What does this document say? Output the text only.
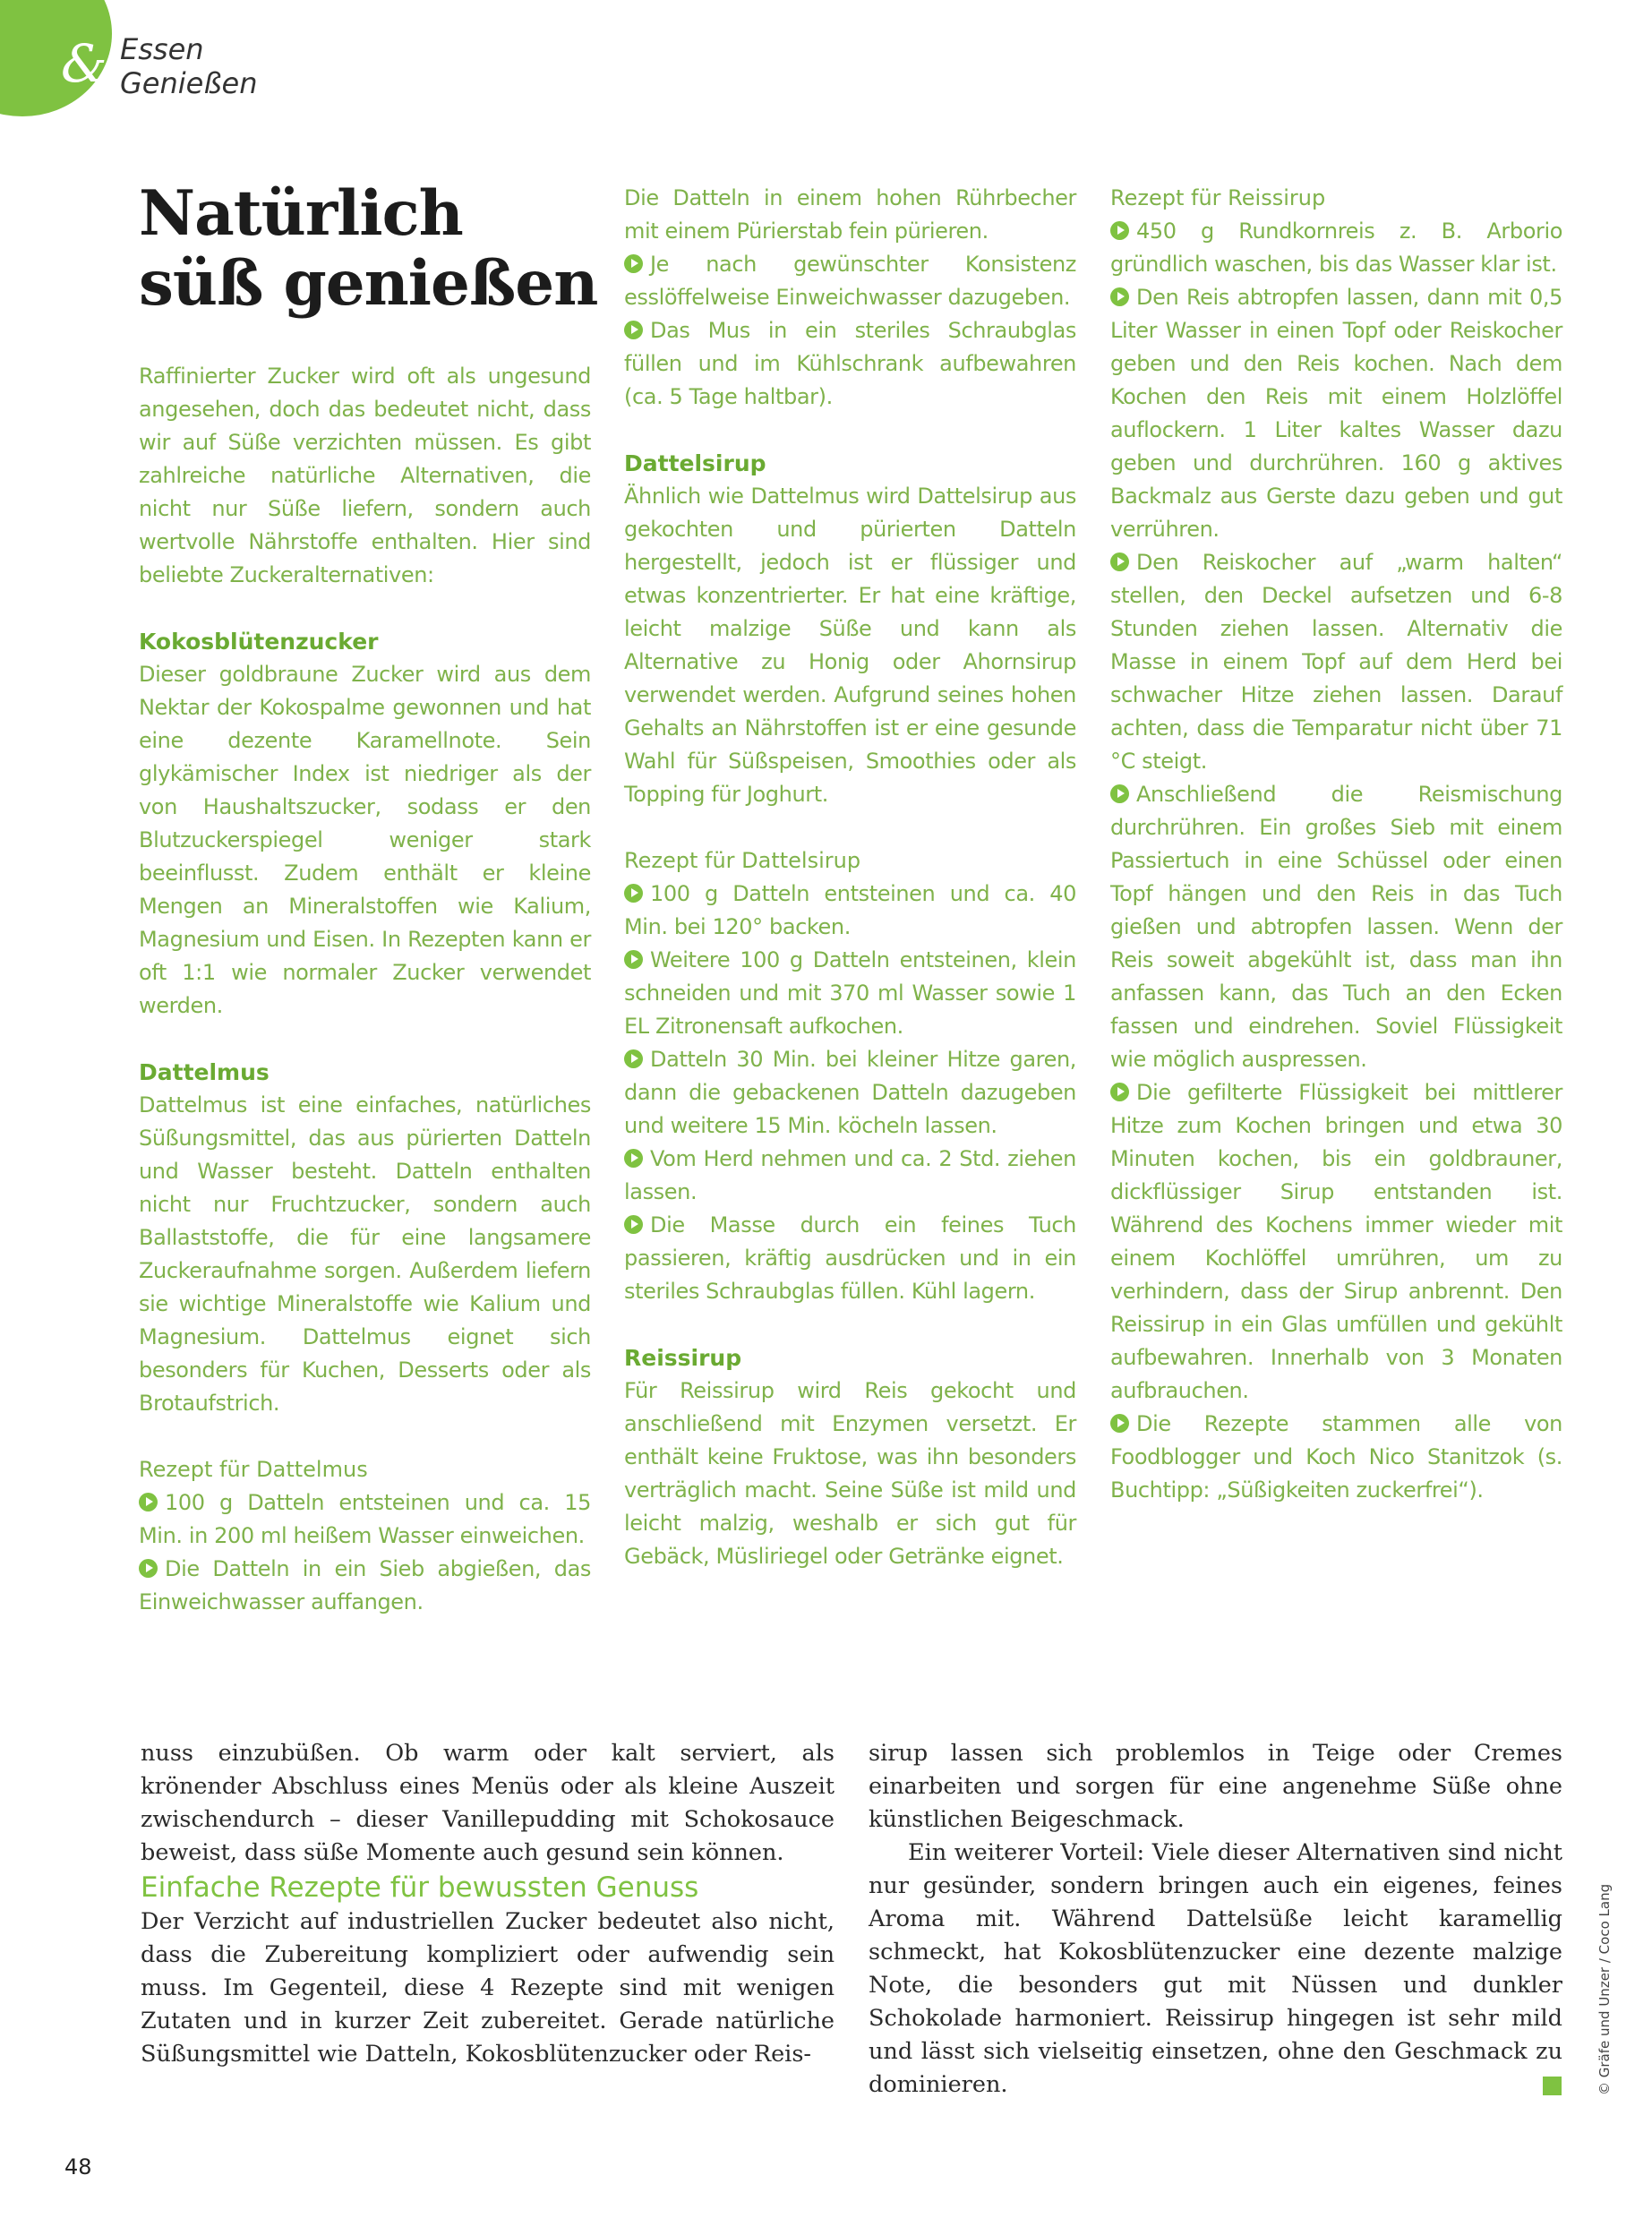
& Essen
Genießen
Natürlich süß genießen

Raffinierter Zucker wird oft als ungesund angesehen, doch das bedeutet nicht, dass wir auf Süße verzichten müssen. Es gibt zahlreiche natürliche Alternativen, die nicht nur Süße liefern, sondern auch wertvolle Nährstoffe enthalten. Hier sind beliebte Zuckeralternativen:

Kokosblütenzucker

Dieser goldbraune Zucker wird aus dem Nektar der Kokospalme gewonnen und hat eine dezente Karamellnote. Sein glykämischer Index ist niedriger als der von Haushaltszucker, sodass er den Blutzuckerspiegel weniger stark beeinflusst. Zudem enthält er kleine Mengen an Mineralstoffen wie Kalium, Magnesium und Eisen. In Rezepten kann er oft 1:1 wie normaler Zucker verwendet werden.

Dattelmus

Dattelmus ist eine einfaches, natürliches Süßungsmittel, das aus pürierten Datteln und Wasser besteht. Datteln enthalten nicht nur Fruchtzucker, sondern auch Ballaststoffe, die für eine langsamere Zuckeraufnahme sorgen. Außerdem liefern sie wichtige Mineralstoffe wie Kalium und Magnesium. Dattelmus eignet sich besonders für Kuchen, Desserts oder als Brotaufstrich.

Rezept für Dattelmus

100 g Datteln entsteinen und ca. 15 Min. in 200 ml heißem Wasser einweichen.

Die Datteln in ein Sieb abgießen, das Einweichwasser auffangen.

Die Datteln in einem hohen Rührbecher mit einem Pürierstab fein pürieren.

Je nach gewünschter Konsistenz esslöffelweise Einweichwasser dazugeben.

Das Mus in ein steriles Schraubglas füllen und im Kühlschrank aufbewahren (ca. 5 Tage haltbar).

Dattelsirup

Ähnlich wie Dattelmus wird Dattelsirup aus gekochten und pürierten Datteln hergestellt, jedoch ist er flüssiger und etwas konzentrierter. Er hat eine kräftige, leicht malzige Süße und kann als Alternative zu Honig oder Ahornsirup verwendet werden. Aufgrund seines hohen Gehalts an Nährstoffen ist er eine gesunde Wahl für Süßspeisen, Smoothies oder als Topping für Joghurt.

Rezept für Dattelsirup

100 g Datteln entsteinen und ca. 40 Min. bei 120° backen.

Weitere 100 g Datteln entsteinen, klein schneiden und mit 370 ml Wasser sowie 1 EL Zitronensaft aufkochen.

Datteln 30 Min. bei kleiner Hitze garen, dann die gebackenen Datteln dazugeben und weitere 15 Min. köcheln lassen.

Vom Herd nehmen und ca. 2 Std. ziehen lassen.

Die Masse durch ein feines Tuch passieren, kräftig ausdrücken und in ein steriles Schraubglas füllen. Kühl lagern.

Reissirup

Für Reissirup wird Reis gekocht und anschließend mit Enzymen versetzt. Er enthält keine Fruktose, was ihn besonders verträglich macht. Seine Süße ist mild und leicht malzig, weshalb er sich gut für Gebäck, Müsliriegel oder Getränke eignet.

Rezept für Reissirup

450 g Rundkornreis z. B. Arborio gründlich waschen, bis das Wasser klar ist.

Den Reis abtropfen lassen, dann mit 0,5 Liter Wasser in einen Topf oder Reiskocher geben und den Reis kochen. Nach dem Kochen den Reis mit einem Holzlöffel auflockern. 1 Liter kaltes Wasser dazu geben und durchrühren. 160 g aktives Backmalz aus Gerste dazu geben und gut verrühren.

Den Reiskocher auf „warm halten“ stellen, den Deckel aufsetzen und 6-8 Stunden ziehen lassen. Alternativ die Masse in einem Topf auf dem Herd bei schwacher Hitze ziehen lassen. Darauf achten, dass die Temparatur nicht über 71 °C steigt.

Anschließend die Reismischung durchrühren. Ein großes Sieb mit einem Passiertuch in eine Schüssel oder einen Topf hängen und den Reis in das Tuch gießen und abtropfen lassen. Wenn der Reis soweit abgekühlt ist, dass man ihn anfassen kann, das Tuch an den Ecken fassen und eindrehen. Soviel Flüssigkeit wie möglich auspressen.

Die gefilterte Flüssigkeit bei mittlerer Hitze zum Kochen bringen und etwa 30 Minuten kochen, bis ein goldbrauner, dickflüssiger Sirup entstanden ist. Während des Kochens immer wieder mit einem Kochlöffel umrühren, um zu verhindern, dass der Sirup anbrennt. Den Reissirup in ein Glas umfüllen und gekühlt aufbewahren. Innerhalb von 3 Monaten aufbrauchen.

Die Rezepte stammen alle von Foodblogger und Koch Nico Stanitzok (s. Buchtipp: „Süßigkeiten zuckerfrei“).

nuss einzubüßen. Ob warm oder kalt serviert, als krönender Abschluss eines Menüs oder als kleine Auszeit zwischendurch – dieser Vanillepudding mit Schokosauce beweist, dass süße Momente auch gesund sein können.

Einfache Rezepte für bewussten Genuss

Der Verzicht auf industriellen Zucker bedeutet also nicht, dass die Zubereitung kompliziert oder aufwendig sein muss. Im Gegenteil, diese 4 Rezepte sind mit wenigen Zutaten und in kurzer Zeit zubereitet. Gerade natürliche Süßungsmittel wie Datteln, Kokosblütenzucker oder Reis-

sirup lassen sich problemlos in Teige oder Cremes einarbeiten und sorgen für eine angenehme Süße ohne künstlichen Beigeschmack.

Ein weiterer Vorteil: Viele dieser Alternativen sind nicht nur gesünder, sondern bringen auch ein eigenes, feines Aroma mit. Während Dattelsüße leicht karamellig schmeckt, hat Kokosblütenzucker eine dezente malzige Note, die besonders gut mit Nüssen und dunkler Schokolade harmoniert. Reissirup hingegen ist sehr mild und lässt sich vielseitig einsetzen, ohne den Geschmack zu dominieren.	© Gräfe und Unzer / Coco Lang
48
